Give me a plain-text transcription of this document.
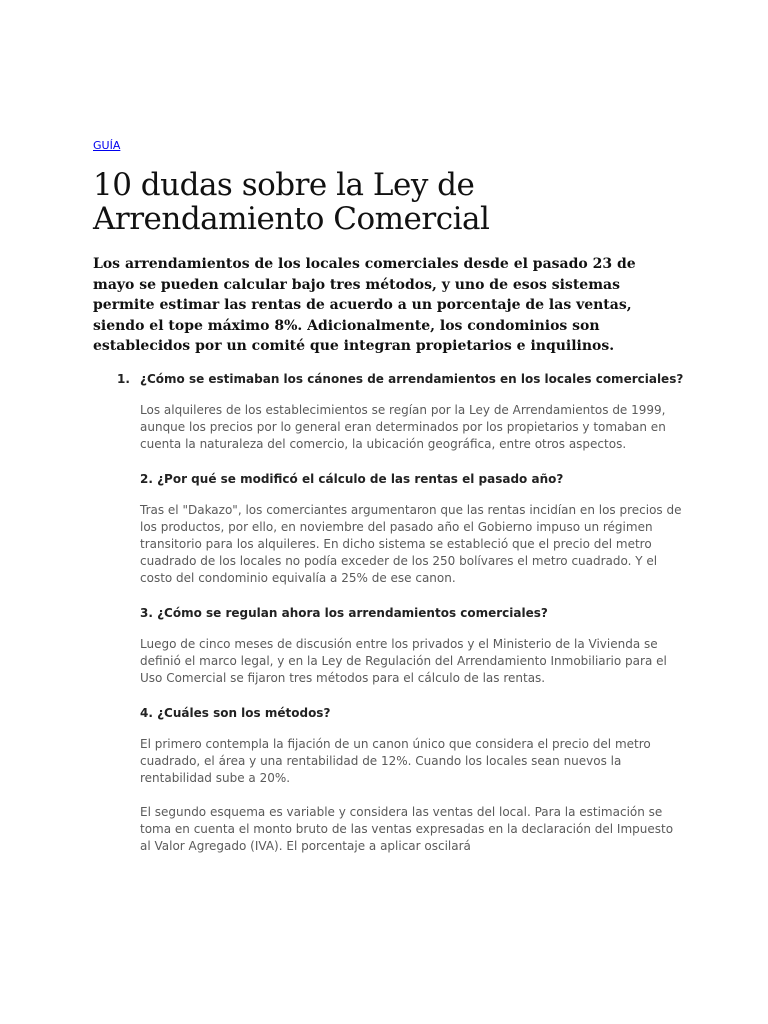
GUÍA
10 dudas sobre la Ley de
Arrendamiento Comercial

Los arrendamientos de los locales comerciales desde el pasado 23 de mayo se pueden calcular bajo tres métodos, y uno de esos sistemas permite estimar las rentas de acuerdo a un porcentaje de las ventas, siendo el tope máximo 8%. Adicionalmente, los condominios son establecidos por un comité que integran propietarios e inquilinos.

1. ¿Cómo se estimaban los cánones de arrendamientos en los locales comerciales?

Los alquileres de los establecimientos se regían por la Ley de Arrendamientos de 1999, aunque los precios por lo general eran determinados por los propietarios y tomaban en cuenta la naturaleza del comercio, la ubicación geográfica, entre otros aspectos.

2. ¿Por qué se modificó el cálculo de las rentas el pasado año?

Tras el "Dakazo", los comerciantes argumentaron que las rentas incidían en los precios de los productos, por ello, en noviembre del pasado año el Gobierno impuso un régimen transitorio para los alquileres. En dicho sistema se estableció que el precio del metro cuadrado de los locales no podía exceder de los 250 bolívares el metro cuadrado. Y el costo del condominio equivalía a 25% de ese canon.

3. ¿Cómo se regulan ahora los arrendamientos comerciales?

Luego de cinco meses de discusión entre los privados y el Ministerio de la Vivienda se definió el marco legal, y en la Ley de Regulación del Arrendamiento Inmobiliario para el Uso Comercial se fijaron tres métodos para el cálculo de las rentas.

4. ¿Cuáles son los métodos?

El primero contempla la fijación de un canon único que considera el precio del metro cuadrado, el área y una rentabilidad de 12%. Cuando los locales sean nuevos la rentabilidad sube a 20%.

El segundo esquema es variable y considera las ventas del local. Para la estimación se toma en cuenta el monto bruto de las ventas expresadas en la declaración del Impuesto al Valor Agregado (IVA). El porcentaje a aplicar oscilará
